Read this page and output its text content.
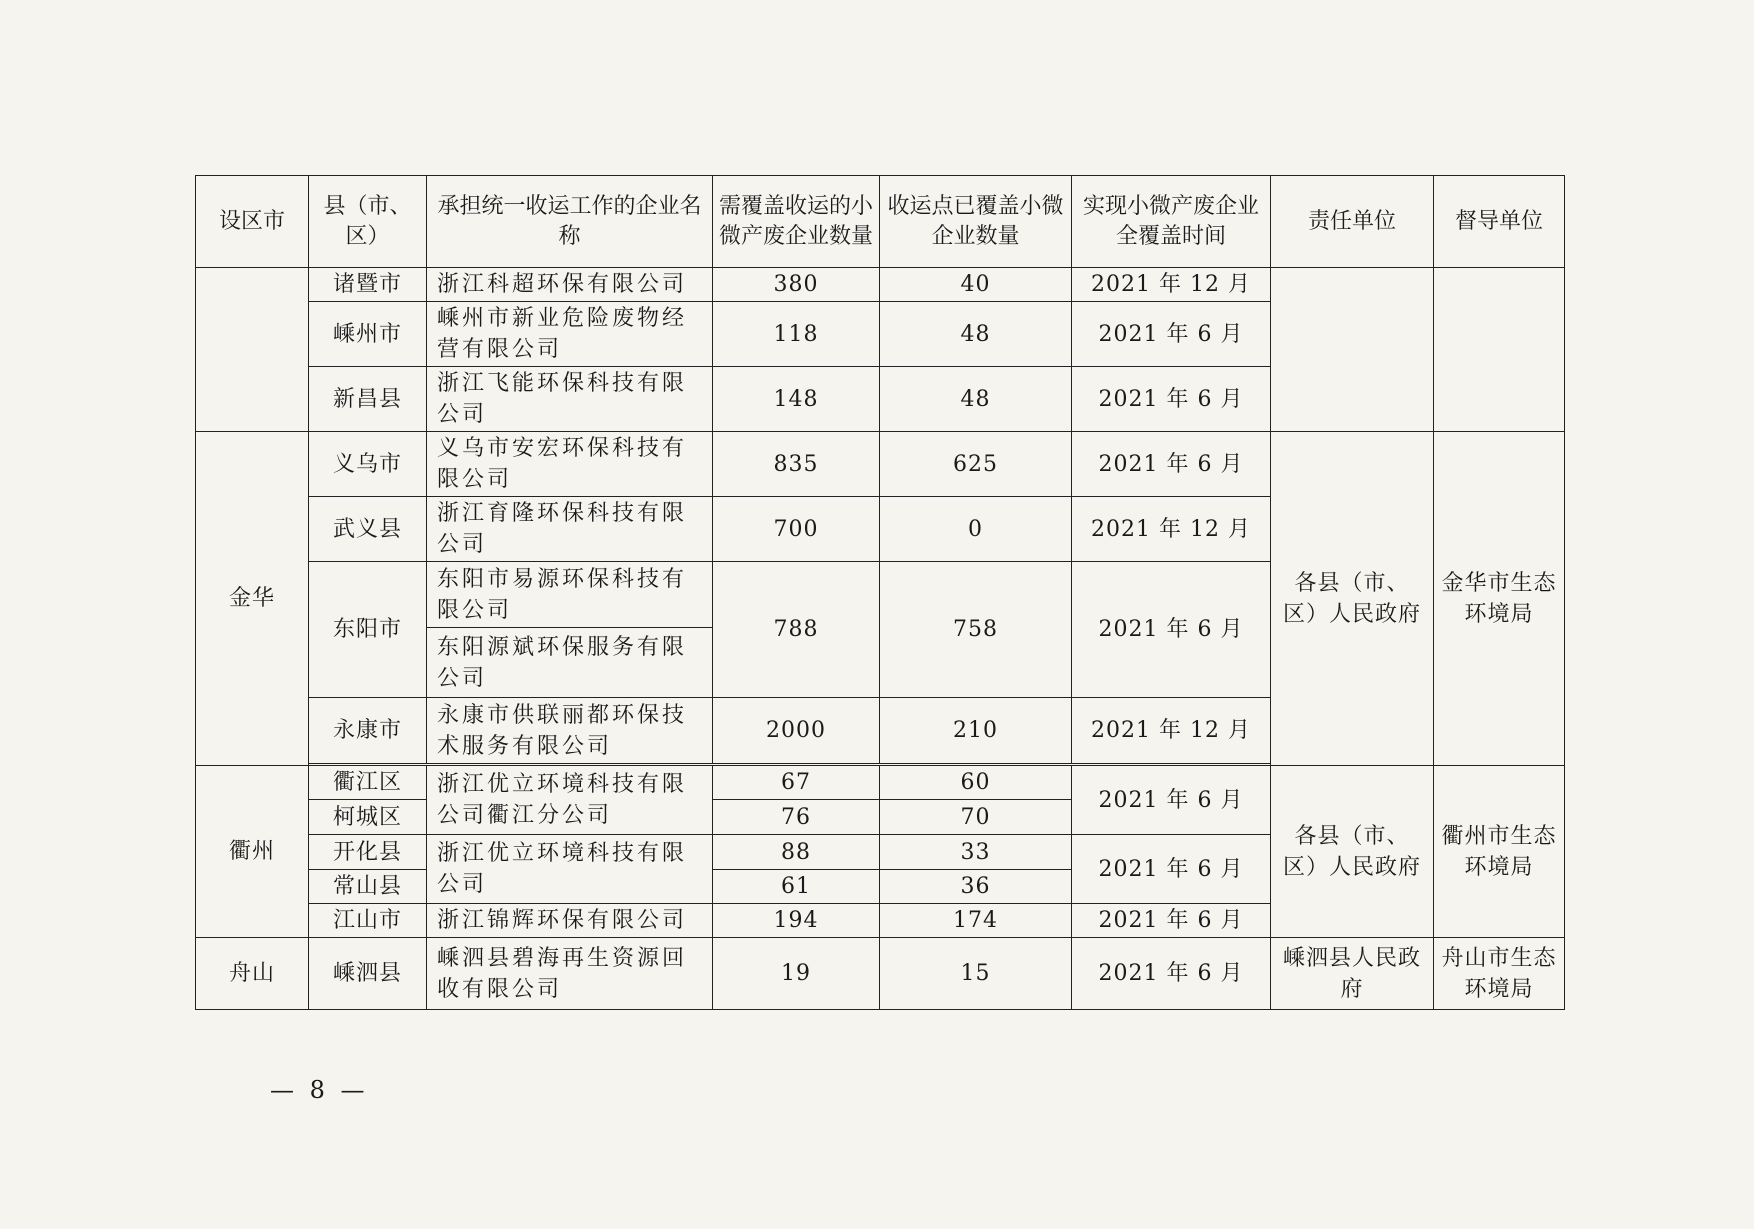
设区市	县（市、区）	承担统一收运工作的企业名称	需覆盖收运的小微产废企业数量	收运点已覆盖小微企业数量	实现小微产废企业全覆盖时间	责任单位	督导单位
	诸暨市	浙江科超环保有限公司	380	40	2021 年 12 月		
	嵊州市	嵊州市新业危险废物经营有限公司	118	48	2021 年 6 月		
	新昌县	浙江飞能环保科技有限公司	148	48	2021 年 6 月		
金华	义乌市	义乌市安宏环保科技有限公司	835	625	2021 年 6 月	各县（市、区）人民政府	金华市生态环境局
	武义县	浙江育隆环保科技有限公司	700	0	2021 年 12 月		
	东阳市	东阳市易源环保科技有限公司	788	758	2021 年 6 月		
		东阳源斌环保服务有限公司					
	永康市	永康市供联丽都环保技术服务有限公司	2000	210	2021 年 12 月		

衢州	衢江区	浙江优立环境科技有限公司衢江分公司	67	60	2021 年 6 月	各县（市、区）人民政府	衢州市生态环境局
	柯城区		76	70			
	开化县	浙江优立环境科技有限公司	88	33	2021 年 6 月		
	常山县		61	36			
	江山市	浙江锦辉环保有限公司	194	174	2021 年 6 月		
舟山	嵊泗县	嵊泗县碧海再生资源回收有限公司	19	15	2021 年 6 月	嵊泗县人民政府	舟山市生态环境局
— 8 —
